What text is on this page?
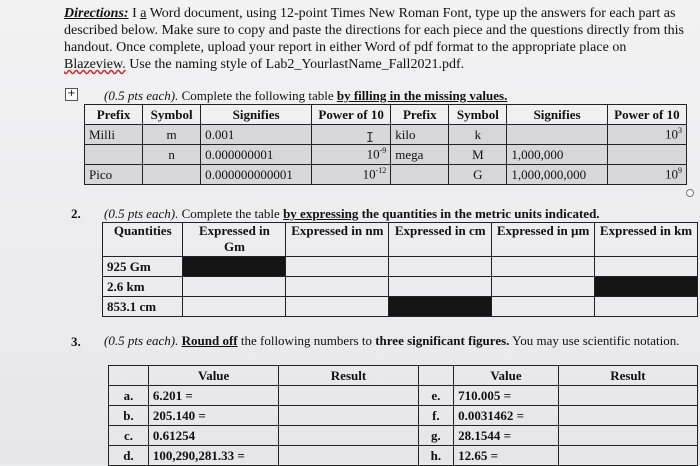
Directions: I a Word document, using 12-point Times New Roman Font, type up the answers for each part as described below. Make sure to copy and paste the directions for each piece and the questions directly from this handout. Once complete, upload your report in either Word of pdf format to the appropriate place on Blazeview. Use the naming style of Lab2_YourlastName_Fall2021.pdf.
+ (0.5 pts each). Complete the following table by filling in the missing values.
Prefix	Symbol	Signifies	Power of 10	Prefix	Symbol	Signifies	Power of 10
Milli	m	0.001		kilo	k		$10^3$
	n	0.000000001	$10^{-9}$	mega	M	1,000,000	
Pico		0.000000000001	$10^{-12}$		G	1,000,000,000	$10^9$
I
2. (0.5 pts each). Complete the table by expressing the quantities in the metric units indicated.
Quantities	Expressed in Gm	Expressed in nm	Expressed in cm	Expressed in µm	Expressed in km
925 Gm					
2.6 km					
853.1 cm					
3. (0.5 pts each). Round off the following numbers to three significant figures. You may use scientific notation.
	Value	Result		Value	Result
a.	6.201 =		e.	710.005 =	
b.	205.140 =		f.	0.0031462 =	
c.	0.61254		g.	28.1544 =	
d.	100,290,281.33 =		h.	12.65 =	
